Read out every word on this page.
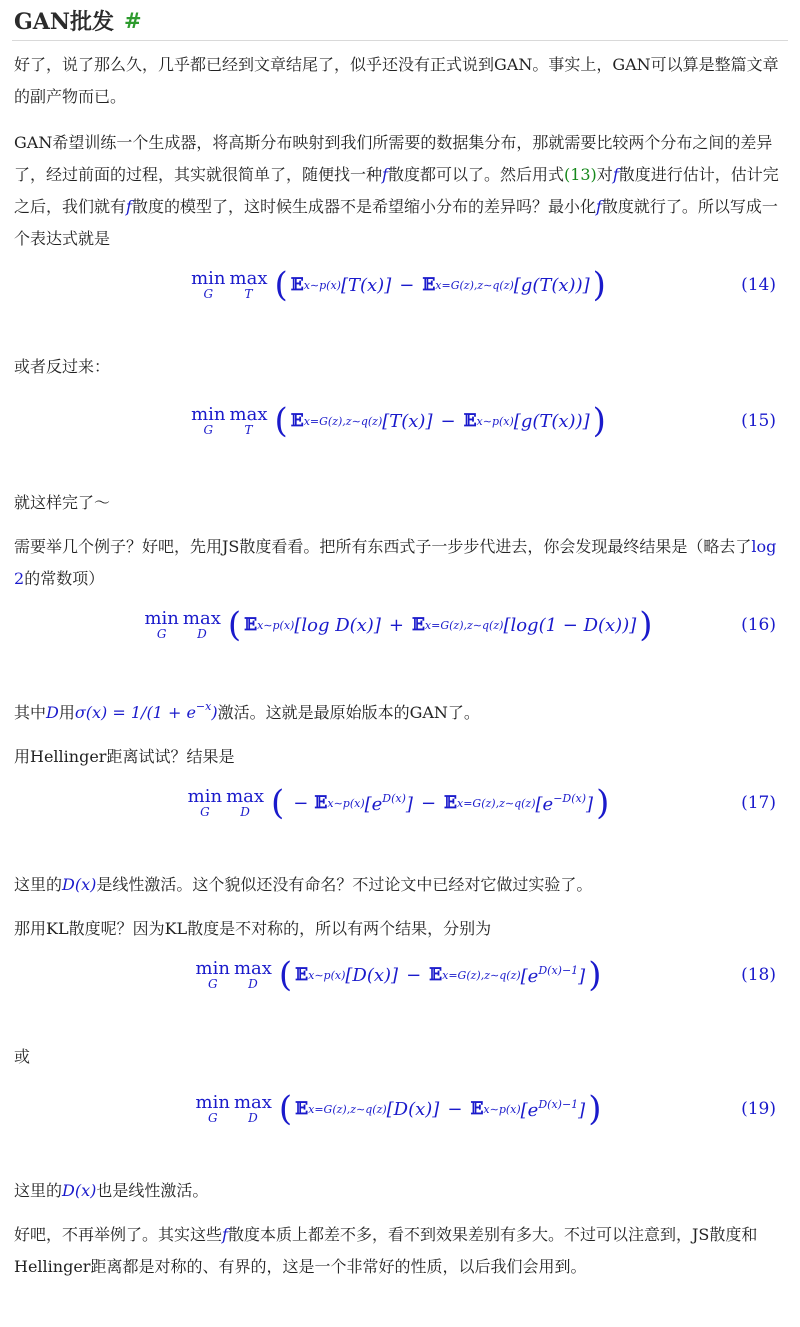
GAN批发 #

好了，说了那么久，几乎都已经到文章结尾了，似乎还没有正式说到GAN。事实上，GAN可以算是整篇文章的副产物而已。

GAN希望训练一个生成器，将高斯分布映射到我们所需要的数据集分布，那就需要比较两个分布之间的差异了，经过前面的过程，其实就很简单了，随便找一种f散度都可以了。然后用式(13)对f散度进行估计，估计完之后，我们就有f散度的模型了，这时候生成器不是希望缩小分布的差异吗？最小化f散度就行了。所以写成一个表达式就是

min
G
max
T ( 𝔼 x∼p(x) [T(x)] − 𝔼 x=G(z),z∼q(z) [g(T(x))] )	(14)

或者反过来：

min
G
max
T ( 𝔼 x=G(z),z∼q(z) [T(x)] − 𝔼 x∼p(x) [g(T(x))] )	(15)

就这样完了～

需要举几个例子？好吧，先用JS散度看看。把所有东西式子一步步代进去，你会发现最终结果是（略去了log 2的常数项）

min
G
max
D ( 𝔼 x∼p(x) [log D(x)] + 𝔼 x=G(z),z∼q(z) [log(1 − D(x))] )	(16)

其中D用$\sigma(x) = 1/(1 + e^{-x})$激活。这就是最原始版本的GAN了。

用Hellinger距离试试？结果是

min
G
max
D ( − 𝔼 x∼p(x) $[e^{D(x)}]$ − 𝔼 x=G(z),z∼q(z) $[e^{-D(x)}]$ )	(17)

这里的D(x)是线性激活。这个貌似还没有命名？不过论文中已经对它做过实验了。

那用KL散度呢？因为KL散度是不对称的，所以有两个结果，分别为

min
G
max
D ( 𝔼 x∼p(x) [D(x)] − 𝔼 x=G(z),z∼q(z) $[e^{D(x)-1}]$ )	(18)

或

min
G
max
D ( 𝔼 x=G(z),z∼q(z) [D(x)] − 𝔼 x∼p(x) $[e^{D(x)-1}]$ )	(19)

这里的D(x)也是线性激活。

好吧，不再举例了。其实这些f散度本质上都差不多，看不到效果差别有多大。不过可以注意到，JS散度和Hellinger距离都是对称的、有界的，这是一个非常好的性质，以后我们会用到。
